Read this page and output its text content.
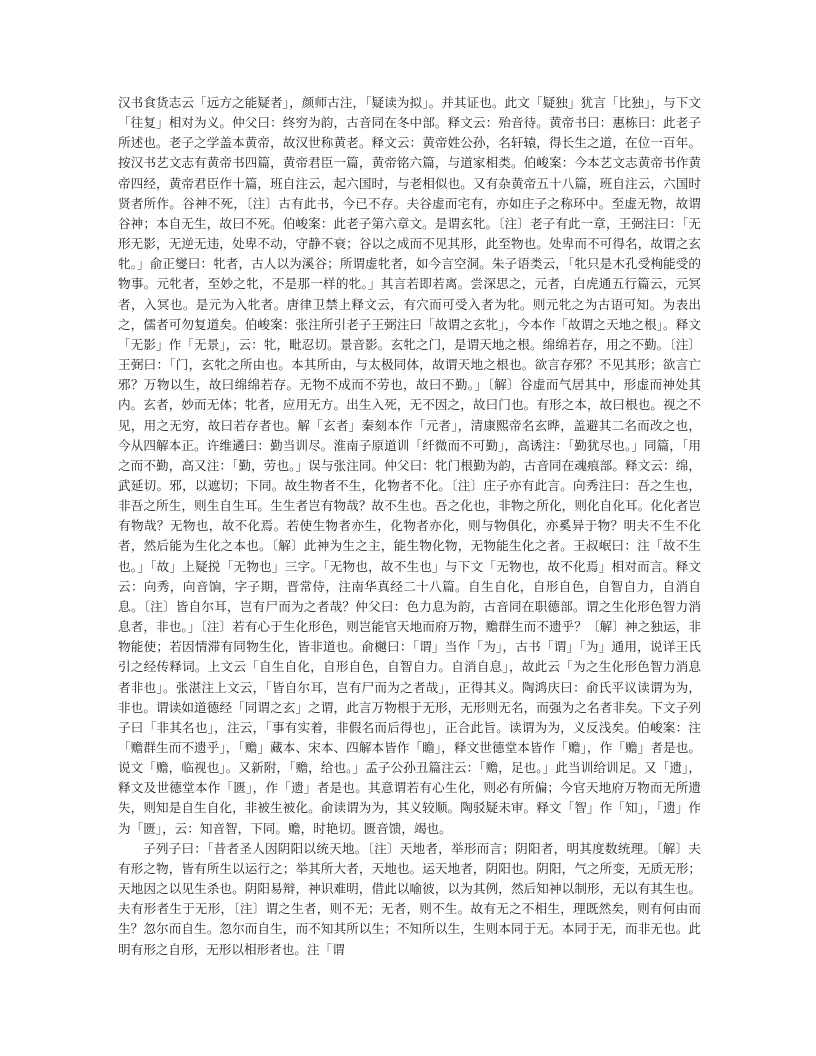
汉书食货志云「远方之能疑者」，颜师古注，「疑读为拟」。并其证也。此文「疑独」犹言「比独」，与下文「往复」相对为义。仲父曰：终穷为韵，古音同在冬中部。释文云：殆音待。黄帝书曰：惠栋曰：此老子所述也。老子之学盖本黄帝，故汉世称黄老。释文云：黄帝姓公孙，名轩辕，得长生之道，在位一百年。按汉书艺文志有黄帝书四篇，黄帝君臣一篇，黄帝铭六篇，与道家相类。伯峻案：今本艺文志黄帝书作黄帝四经，黄帝君臣作十篇，班自注云，起六国时，与老相似也。又有杂黄帝五十八篇，班自注云，六国时贤者所作。谷神不死，〔注〕古有此书，今已不存。夫谷虚而宅有，亦如庄子之称环中。至虚无物，故谓谷神；本自无生，故曰不死。伯峻案：此老子第六章文。是谓玄牝。〔注〕老子有此一章，王弼注曰：「无形无影，无逆无违，处卑不动，守静不衰；谷以之成而不见其形，此至物也。处卑而不可得名，故谓之玄牝。」俞正燮曰：牝者，古人以为溪谷；所谓虚牝者，如今言空洞。朱子语类云，「牝只是木孔受栒能受的物事。元牝者，至妙之牝，不是那一样的牝。」其言若即若离。尝深思之，元者，白虎通五行篇云，元冥者，入冥也。是元为入牝者。唐律卫禁上释文云，有穴而可受入者为牝。则元牝之为古语可知。为表出之，儒者可勿复道矣。伯峻案：张注所引老子王弼注曰「故谓之玄牝」，今本作「故谓之天地之根」。释文「无影」作「无景」，云：牝，毗忍切。景音影。玄牝之门，是谓天地之根。绵绵若存，用之不勤。〔注〕王弼曰：「门，玄牝之所由也。本其所由，与太极同体，故谓天地之根也。欲言存邪？不见其形；欲言亡邪？万物以生，故曰绵绵若存。无物不成而不劳也，故曰不勤。」〔解〕谷虚而气居其中，形虚而神处其内。玄者，妙而无体；牝者，应用无方。出生入死，无不因之，故曰门也。有形之本，故曰根也。视之不见，用之无穷，故曰若存者也。解「玄者」秦刻本作「元者」，清康熙帝名玄晔，盖避其二名而改之也，今从四解本正。许维遹曰：勤当训尽。淮南子原道训「纤微而不可勤」，高诱注：「勤犹尽也。」同篇，「用之而不勤，高又注：「勤，劳也。」误与张注同。仲父曰：牝门根勤为韵，古音同在魂痕部。释文云：绵，武延切。邪，以遮切；下同。故生物者不生，化物者不化。〔注〕庄子亦有此言。向秀注曰：吾之生也，非吾之所生，则生自生耳。生生者岂有物哉？故不生也。吾之化也，非物之所化，则化自化耳。化化者岂有物哉？无物也，故不化焉。若使生物者亦生，化物者亦化，则与物俱化，亦奚异于物？明夫不生不化者，然后能为生化之本也。〔解〕此神为生之主，能生物化物，无物能生化之者。王叔岷曰：注「故不生也。」「故」上疑捝「无物也」三字。「无物也，故不生也」与下文「无物也，故不化焉」相对而言。释文云：向秀，向音饷，字子期，晋常侍，注南华真经二十八篇。自生自化，自形自色，自智自力，自消自息。〔注〕皆自尔耳，岂有尸而为之者哉？仲父曰：色力息为韵，古音同在职德部。谓之生化形色智力消息者，非也。」〔注〕若有心于生化形色，则岂能官天地而府万物，赡群生而不遗乎？〔解〕神之独运，非物能使；若因情滞有同物生化，皆非道也。俞樾曰：「谓」当作「为」，古书「谓」「为」通用，说详王氏引之经传释词。上文云「自生自化，自形自色，自智自力。自消自息」，故此云「为之生化形色智力消息者非也」。张湛注上文云，「皆自尔耳，岂有尸而为之者哉」，正得其义。陶鸿庆曰：俞氏平议读谓为为，非也。谓读如道德经「同谓之玄」之谓，此言万物根于无形，无形则无名，而强为之名者非矣。下文子列子曰「非其名也」，注云，「事有实着，非假名而后得也」，正合此旨。读谓为为，义反浅矣。伯峻案：注「赡群生而不遗乎」，「赡」藏本、宋本、四解本皆作「瞻」，释文世德堂本皆作「赡」，作「赡」者是也。说文「赡，临视也」。又新附，「赡，给也。」孟子公孙丑篇注云：「赡，足也。」此当训给训足。又「遗」，释文及世德堂本作「匮」，作「遗」者是也。其意谓若有心生化，则必有所偏；今官天地府万物而无所遗失，则知是自生自化，非被生被化。俞读谓为为，其义较顺。陶驳疑未审。释文「智」作「知」，「遗」作为「匮」，云：知音智，下同。赡，时艳切。匮音馈，竭也。

子列子曰：「昔者圣人因阴阳以统天地。〔注〕天地者，举形而言；阴阳者，明其度数统理。〔解〕夫有形之物，皆有所生以运行之；举其所大者，天地也。运天地者，阴阳也。阴阳，气之所变，无质无形；天地因之以见生杀也。阴阳易辩，神识难明，借此以喻彼，以为其例，然后知神以制形，无以有其生也。夫有形者生于无形，〔注〕谓之生者，则不无；无者，则不生。故有无之不相生，理既然矣，则有何由而生？忽尔而自生。忽尔而自生，而不知其所以生；不知所以生，生则本同于无。本同于无，而非无也。此明有形之自形，无形以相形者也。注「谓
